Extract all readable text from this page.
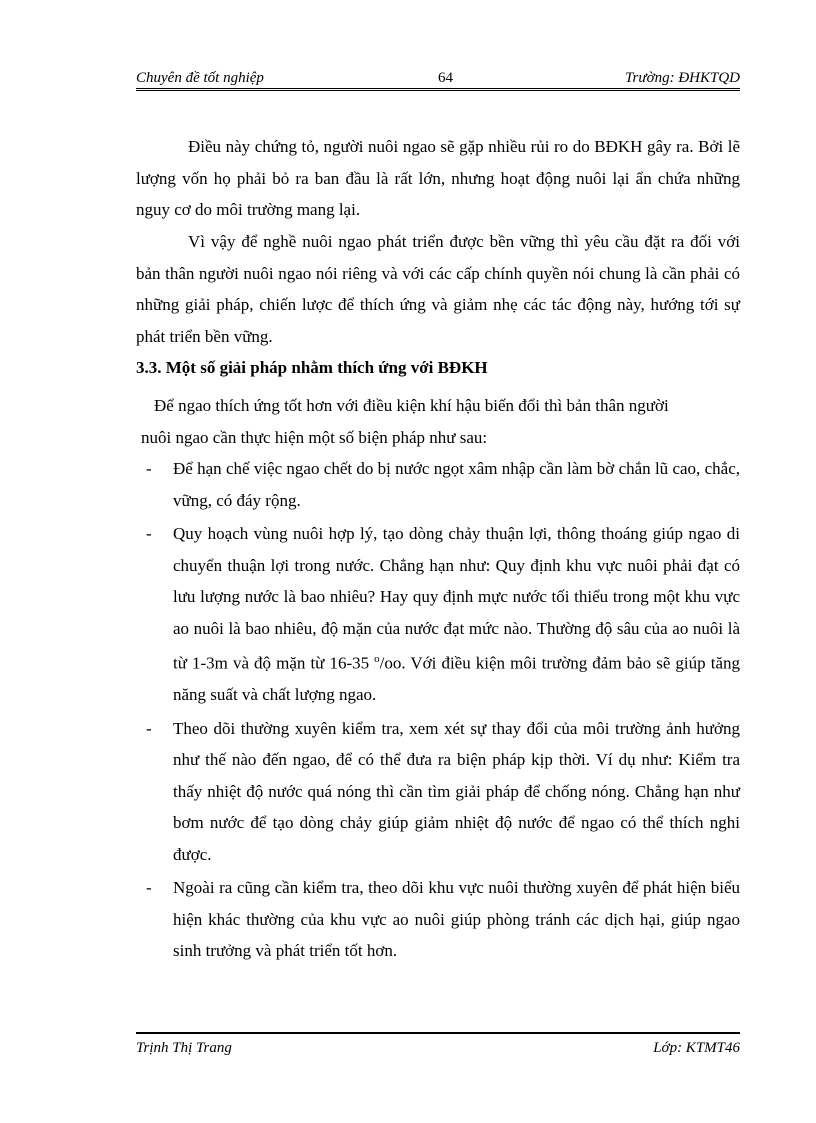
Chuyên đề tốt nghiệp	64	Trường: ĐHKTQD

Điều này chứng tỏ, người nuôi ngao sẽ gặp nhiều rủi ro do BĐKH gây ra. Bởi lẽ lượng vốn họ phải bỏ ra ban đầu là rất lớn, nhưng hoạt động nuôi lại ẩn chứa những nguy cơ do môi trường mang lại.

Vì vậy để nghề nuôi ngao phát triển được bền vững thì yêu cầu đặt ra đối với bản thân người nuôi ngao nói riêng và với các cấp chính quyền nói chung là cần phải có những giải pháp, chiến lược để thích ứng và giảm nhẹ các tác động này, hướng tới sự phát triển bền vững.

3.3. Một số giải pháp nhằm thích ứng với BĐKH
Để ngao thích ứng tốt hơn với điều kiện khí hậu biến đổi thì bản thân người
nuôi ngao cần thực hiện một số biện pháp như sau:
- Để hạn chế việc ngao chết do bị nước ngọt xâm nhập cần làm bờ chắn lũ cao, chắc, vững, có đáy rộng.
- Quy hoạch vùng nuôi hợp lý, tạo dòng chảy thuận lợi, thông thoáng giúp ngao di chuyển thuận lợi trong nước. Chẳng hạn như: Quy định khu vực nuôi phải đạt có lưu lượng nước là bao nhiêu? Hay quy định mực nước tối thiểu trong một khu vực ao nuôi là bao nhiêu, độ mặn của nước đạt mức nào. Thường độ sâu của ao nuôi là từ 1-3m và độ mặn từ 16-35 $^o$/oo. Với điều kiện môi trường đảm bảo sẽ giúp tăng năng suất và chất lượng ngao.
- Theo dõi thường xuyên kiểm tra, xem xét sự thay đổi của môi trường ảnh hưởng như thế nào đến ngao, để có thể đưa ra biện pháp kịp thời. Ví dụ như: Kiểm tra thấy nhiệt độ nước quá nóng thì cần tìm giải pháp để chống nóng. Chẳng hạn như bơm nước để tạo dòng chảy giúp giảm nhiệt độ nước để ngao có thể thích nghi được.
- Ngoài ra cũng cần kiểm tra, theo dõi khu vực nuôi thường xuyên để phát hiện biểu hiện khác thường của khu vực ao nuôi giúp phòng tránh các dịch hại, giúp ngao sinh trưởng và phát triển tốt hơn.
Trịnh Thị Trang	Lớp: KTMT46
